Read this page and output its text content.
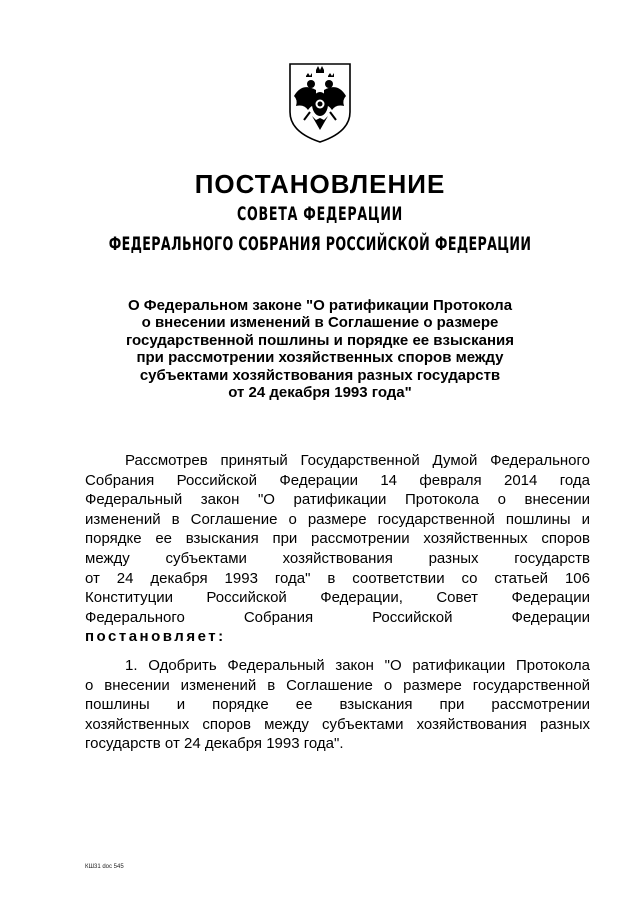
ПОСТАНОВЛЕНИЕ
СОВЕТА ФЕДЕРАЦИИ
ФЕДЕРАЛЬНОГО СОБРАНИЯ РОССИЙСКОЙ ФЕДЕРАЦИИ
О Федеральном законе "О ратификации Протокола
о внесении изменений в Соглашение о размере
государственной пошлины и порядке ее взыскания
при рассмотрении хозяйственных споров между
субъектами хозяйствования разных государств
от 24 декабря 1993 года"
Рассмотрев принятый Государственной Думой Федерального
Собрания Российской Федерации 14 февраля 2014 года
Федеральный закон "О ратификации Протокола о внесении
изменений в Соглашение о размере государственной пошлины и
порядке ее взыскания при рассмотрении хозяйственных споров
между субъектами хозяйствования разных государств
от 24 декабря 1993 года" в соответствии со статьей 106
Конституции Российской Федерации, Совет Федерации
Федерального Собрания Российской Федерации
постановляет:
1. Одобрить Федеральный закон "О ратификации Протокола
о внесении изменений в Соглашение о размере государственной
пошлины и порядке ее взыскания при рассмотрении
хозяйственных споров между субъектами хозяйствования разных
государств от 24 декабря 1993 года".
КШ31 doc 545
